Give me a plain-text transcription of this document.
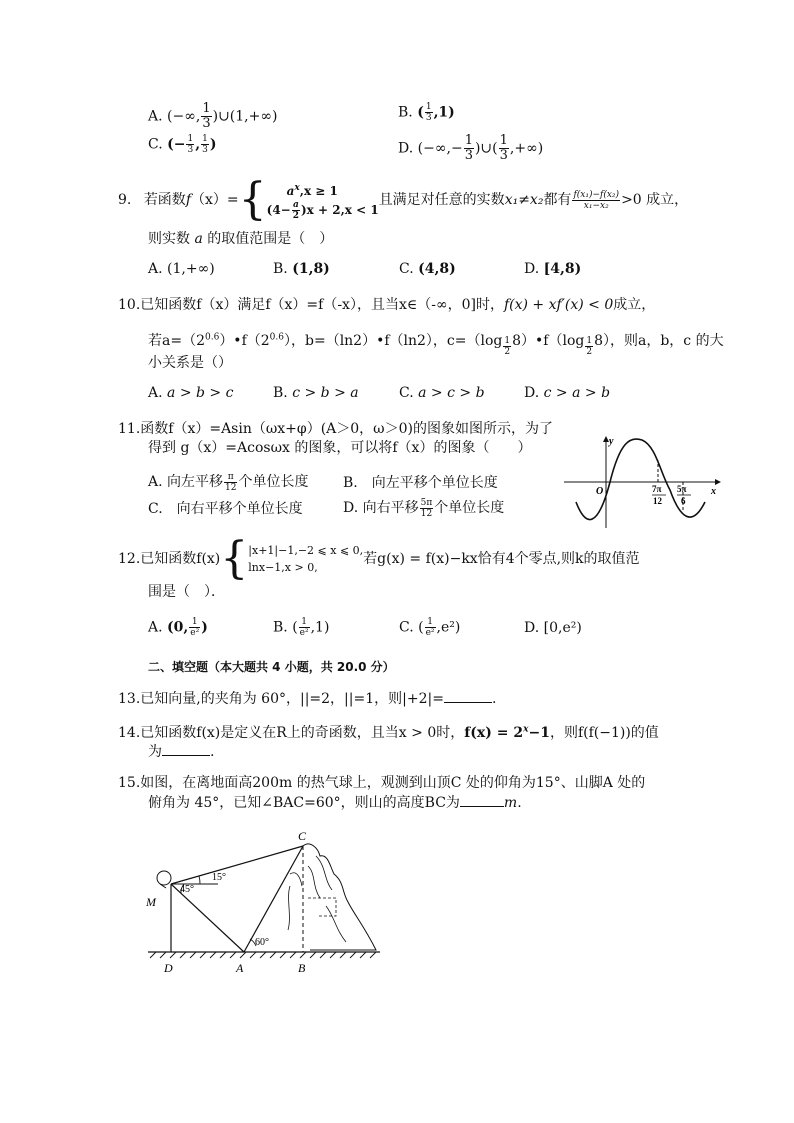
A. (−∞, $\frac{1}{3}$ )∪(1,+∞)	B. ( $\frac{1}{3} ,1$)
C. (− $\frac{1}{3}$ , $\frac{1}{3}$ )	D. (−∞,− $\frac{1}{3}$ )∪( $\frac{1}{3}$ ,+∞)
9. 若函数f（x）={	$a^x,x \ge 1$
$(4- \frac{a}{2} )x + 2,x < 1$
且满足对任意的实数x₁≠x₂都有 $\frac{\text{f(x₁)−f(x₂)}}{\text{x₁−x₂}} >0$ 成立，
则实数 a 的取值范围是（　）
A. (1,+∞)	B. (1,8)	C. (4,8)	D. [4,8)
10.已知函数f（x）满足f（x）=f（-x），且当x∈（-∞，0]时，f(x) + xf′(x) < 0成立，
若$a=(2^{0.6})•f(2^{0.6})$，b=（ln2）•f（ln2），c=（log $_{\frac{1}{2}}$ 8）•f（log $_{\frac{1}{2}}$ 8），则a，b，c 的大
小关系是（）
A. a > b > c	B. c > b > a	C. a > c > b	D. c > a > b
11.函数f（x）=Asin（ωx+φ）(A＞0，ω＞0)的图象如图所示，为了
得到 g（x）=Acosωx 的图象，可以将f（x）的图象（　　）
A. 向左平移 $\frac{\pi}{12}$ 个单位长度 B.　向左平移个单位长度
C.　向右平移个单位长度	D. 向右平移 $\frac{5\pi}{12}$ 个单位长度
y
O	x
7π
12
5π
6
12.已知函数f(x){ |x+1|−1,−2 ⩽ x ⩽ 0,
lnx−1,x > 0,
若g(x) = f(x)−kx恰有4个零点,则k的取值范
围是（　）．
A. (0, $\frac{1}{\text{e²}}$ )	B. ( $\frac{1}{\text{e²}} ,1$)	C. ( $\frac{1}{\text{e²}} ,e^2$)	D. [0,e²)
二、填空题（本大题共 4 小题，共 20.0 分）
13.已知向量,的夹角为 60°，||=2，||=1，则|+2|=	.
14.已知函数f(x)是定义在R上的奇函数，且当x > 0时，$f(x) = 2^x-1$，则f(f(−1))的值
为	.
15.如图，在离地面高200m 的热气球上，观测到山顶C 处的仰角为15°、山脚A 处的
俯角为 45°，已知∠BAC=60°，则山的高度BC为	m.
C
M
D	A	B
45°
15°
60°
